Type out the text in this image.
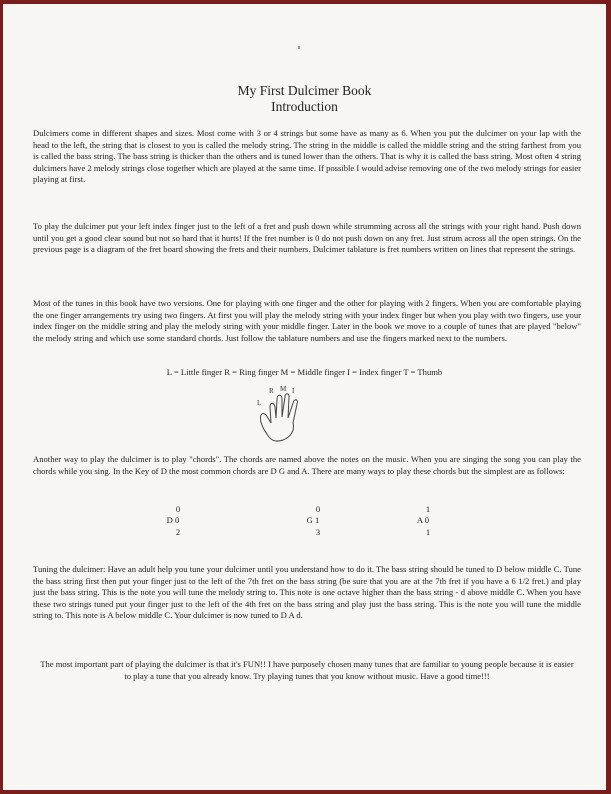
My First Dulcimer Book
Introduction
Dulcimers come in different shapes and sizes. Most come with 3 or 4 strings but some have as many as 6. When you put the dulcimer on your lap with the head to the left, the string that is closest to you is called the melody string. The string in the middle is called the middle string and the string farthest from you is called the bass string. The bass string is thicker than the others and is tuned lower than the others. That is why it is called the bass string. Most often 4 string dulcimers have 2 melody strings close together which are played at the same time. If possible I would advise removing one of the two melody strings for easier playing at first.
To play the dulcimer put your left index finger just to the left of a fret and push down while strumming across all the strings with your right hand. Push down until you get a good clear sound but not so hard that it hurts! If the fret number is 0 do not push down on any fret. Just strum across all the open strings. On the previous page is a diagram of the fret board showing the frets and their numbers. Dulcimer tablature is fret numbers written on lines that represent the strings.
Most of the tunes in this book have two versions. One for playing with one finger and the other for playing with 2 fingers. When you are comfortable playing the one finger arrangements try using two fingers. At first you will play the melody string with your index finger but when you play with two fingers, use your index finger on the middle string and play the melody string with your middle finger. Later in the book we move to a couple of tunes that are played "below" the melody string and which use some standard chords. Just follow the tablature numbers and use the fingers marked next to the numbers.
L = Little finger R = Ring finger M = Middle finger I = Index finger T = Thumb
L
R M I
Another way to play the dulcimer is to play "chords". The chords are named above the notes on the music. When you are singing the song you can play the chords while you sing. In the Key of D the most common chords are D G and A. There are many ways to play these chords but the simplest are as follows:
0
D 0
2
0
G 1
3
1
A 0
1
Tuning the dulcimer: Have an adult help you tune your dulcimer until you understand how to do it. The bass string should be tuned to D below middle C. Tune the bass string first then put your finger just to the left of the 7th fret on the bass string (be sure that you are at the 7th fret if you have a 6 1/2 fret.) and play just the bass string. This is the note you will tune the melody string to. This note is one octave higher than the bass string - d above middle C. When you have these two strings tuned put your finger just to the left of the 4th fret on the bass string and play just the bass string. This is the note you will tune the middle string to. This note is A below middle C. Your dulcimer is now tuned to D A d.
The most important part of playing the dulcimer is that it's FUN!! I have purposely chosen many tunes that are familiar to young people because it is easier to play a tune that you already know. Try playing tunes that you know without music. Have a good time!!!
